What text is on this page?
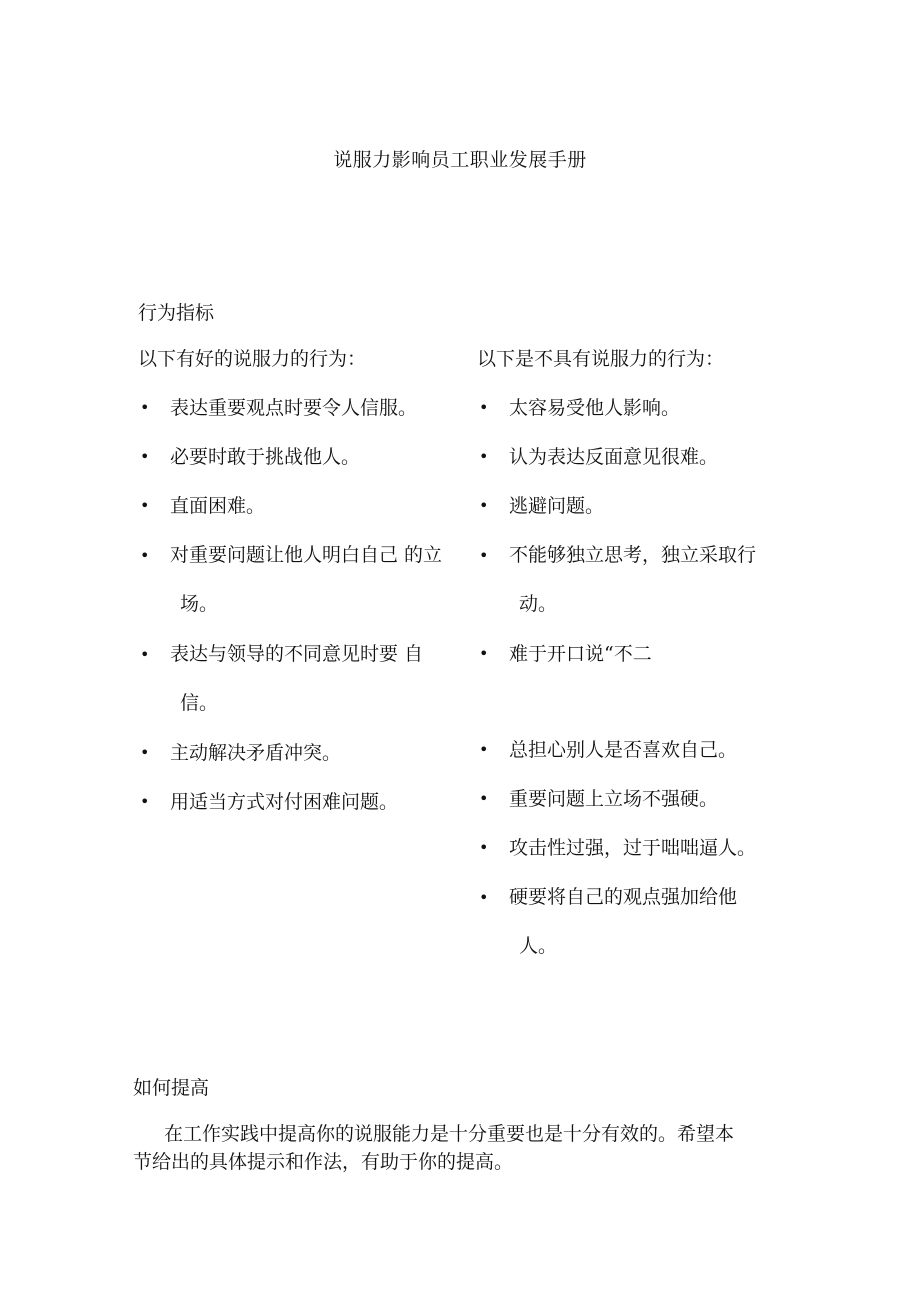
说服力影响员工职业发展手册
行为指标
以下有好的说服力的行为：
• 表达重要观点时要令人信服。
• 必要时敢于挑战他人。
• 直面困难。
• 对重要问题让他人明白自己 的立
场。
• 表达与领导的不同意见时要 自
信。
• 主动解决矛盾冲突。
• 用适当方式对付困难问题。
以下是不具有说服力的行为：
• 太容易受他人影响。
• 认为表达反面意见很难。
• 逃避问题。
• 不能够独立思考，独立采取行
动。
• 难于开口说“不二
• 总担心别人是否喜欢自己。
• 重要问题上立场不强硬。
• 攻击性过强，过于咄咄逼人。
• 硬要将自己的观点强加给他
人。
如何提高
在工作实践中提高你的说服能力是十分重要也是十分有效的。希望本节给出的具体提示和作法，有助于你的提高。
